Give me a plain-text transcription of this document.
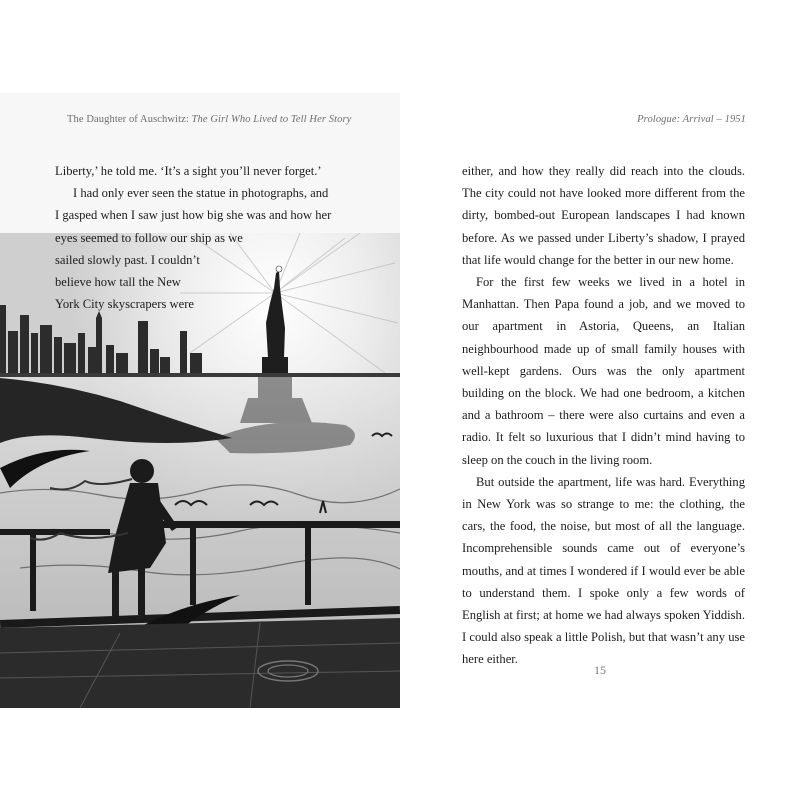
The Daughter of Auschwitz: The Girl Who Lived to Tell Her Story

Liberty,’ he told me. ‘It’s a sight you’ll never forget.’

I had only ever seen the statue in photographs, and

I gasped when I saw just how big she was and how her

eyes seemed to follow our ship as we

sailed slowly past. I couldn’t

believe how tall the New

York City skyscrapers were

Prologue: Arrival – 1951

either, and how they really did reach into the clouds. The city could not have looked more different from the dirty, bombed-out European landscapes I had known before. As we passed under Liberty’s shadow, I prayed that life would change for the better in our new home.

For the first few weeks we lived in a hotel in Manhattan. Then Papa found a job, and we moved to our apartment in Astoria, Queens, an Italian neighbourhood made up of small family houses with well-kept gardens. Ours was the only apartment building on the block. We had one bedroom, a kitchen and a bathroom – there were also curtains and even a radio. It felt so luxurious that I didn’t mind having to sleep on the couch in the living room.

But outside the apartment, life was hard. Everything in New York was so strange to me: the clothing, the cars, the food, the noise, but most of all the language. Incomprehensible sounds came out of everyone’s mouths, and at times I wondered if I would ever be able to understand them. I spoke only a few words of English at first; at home we had always spoken Yiddish. I could also speak a little Polish, but that wasn’t any use here either.

15
